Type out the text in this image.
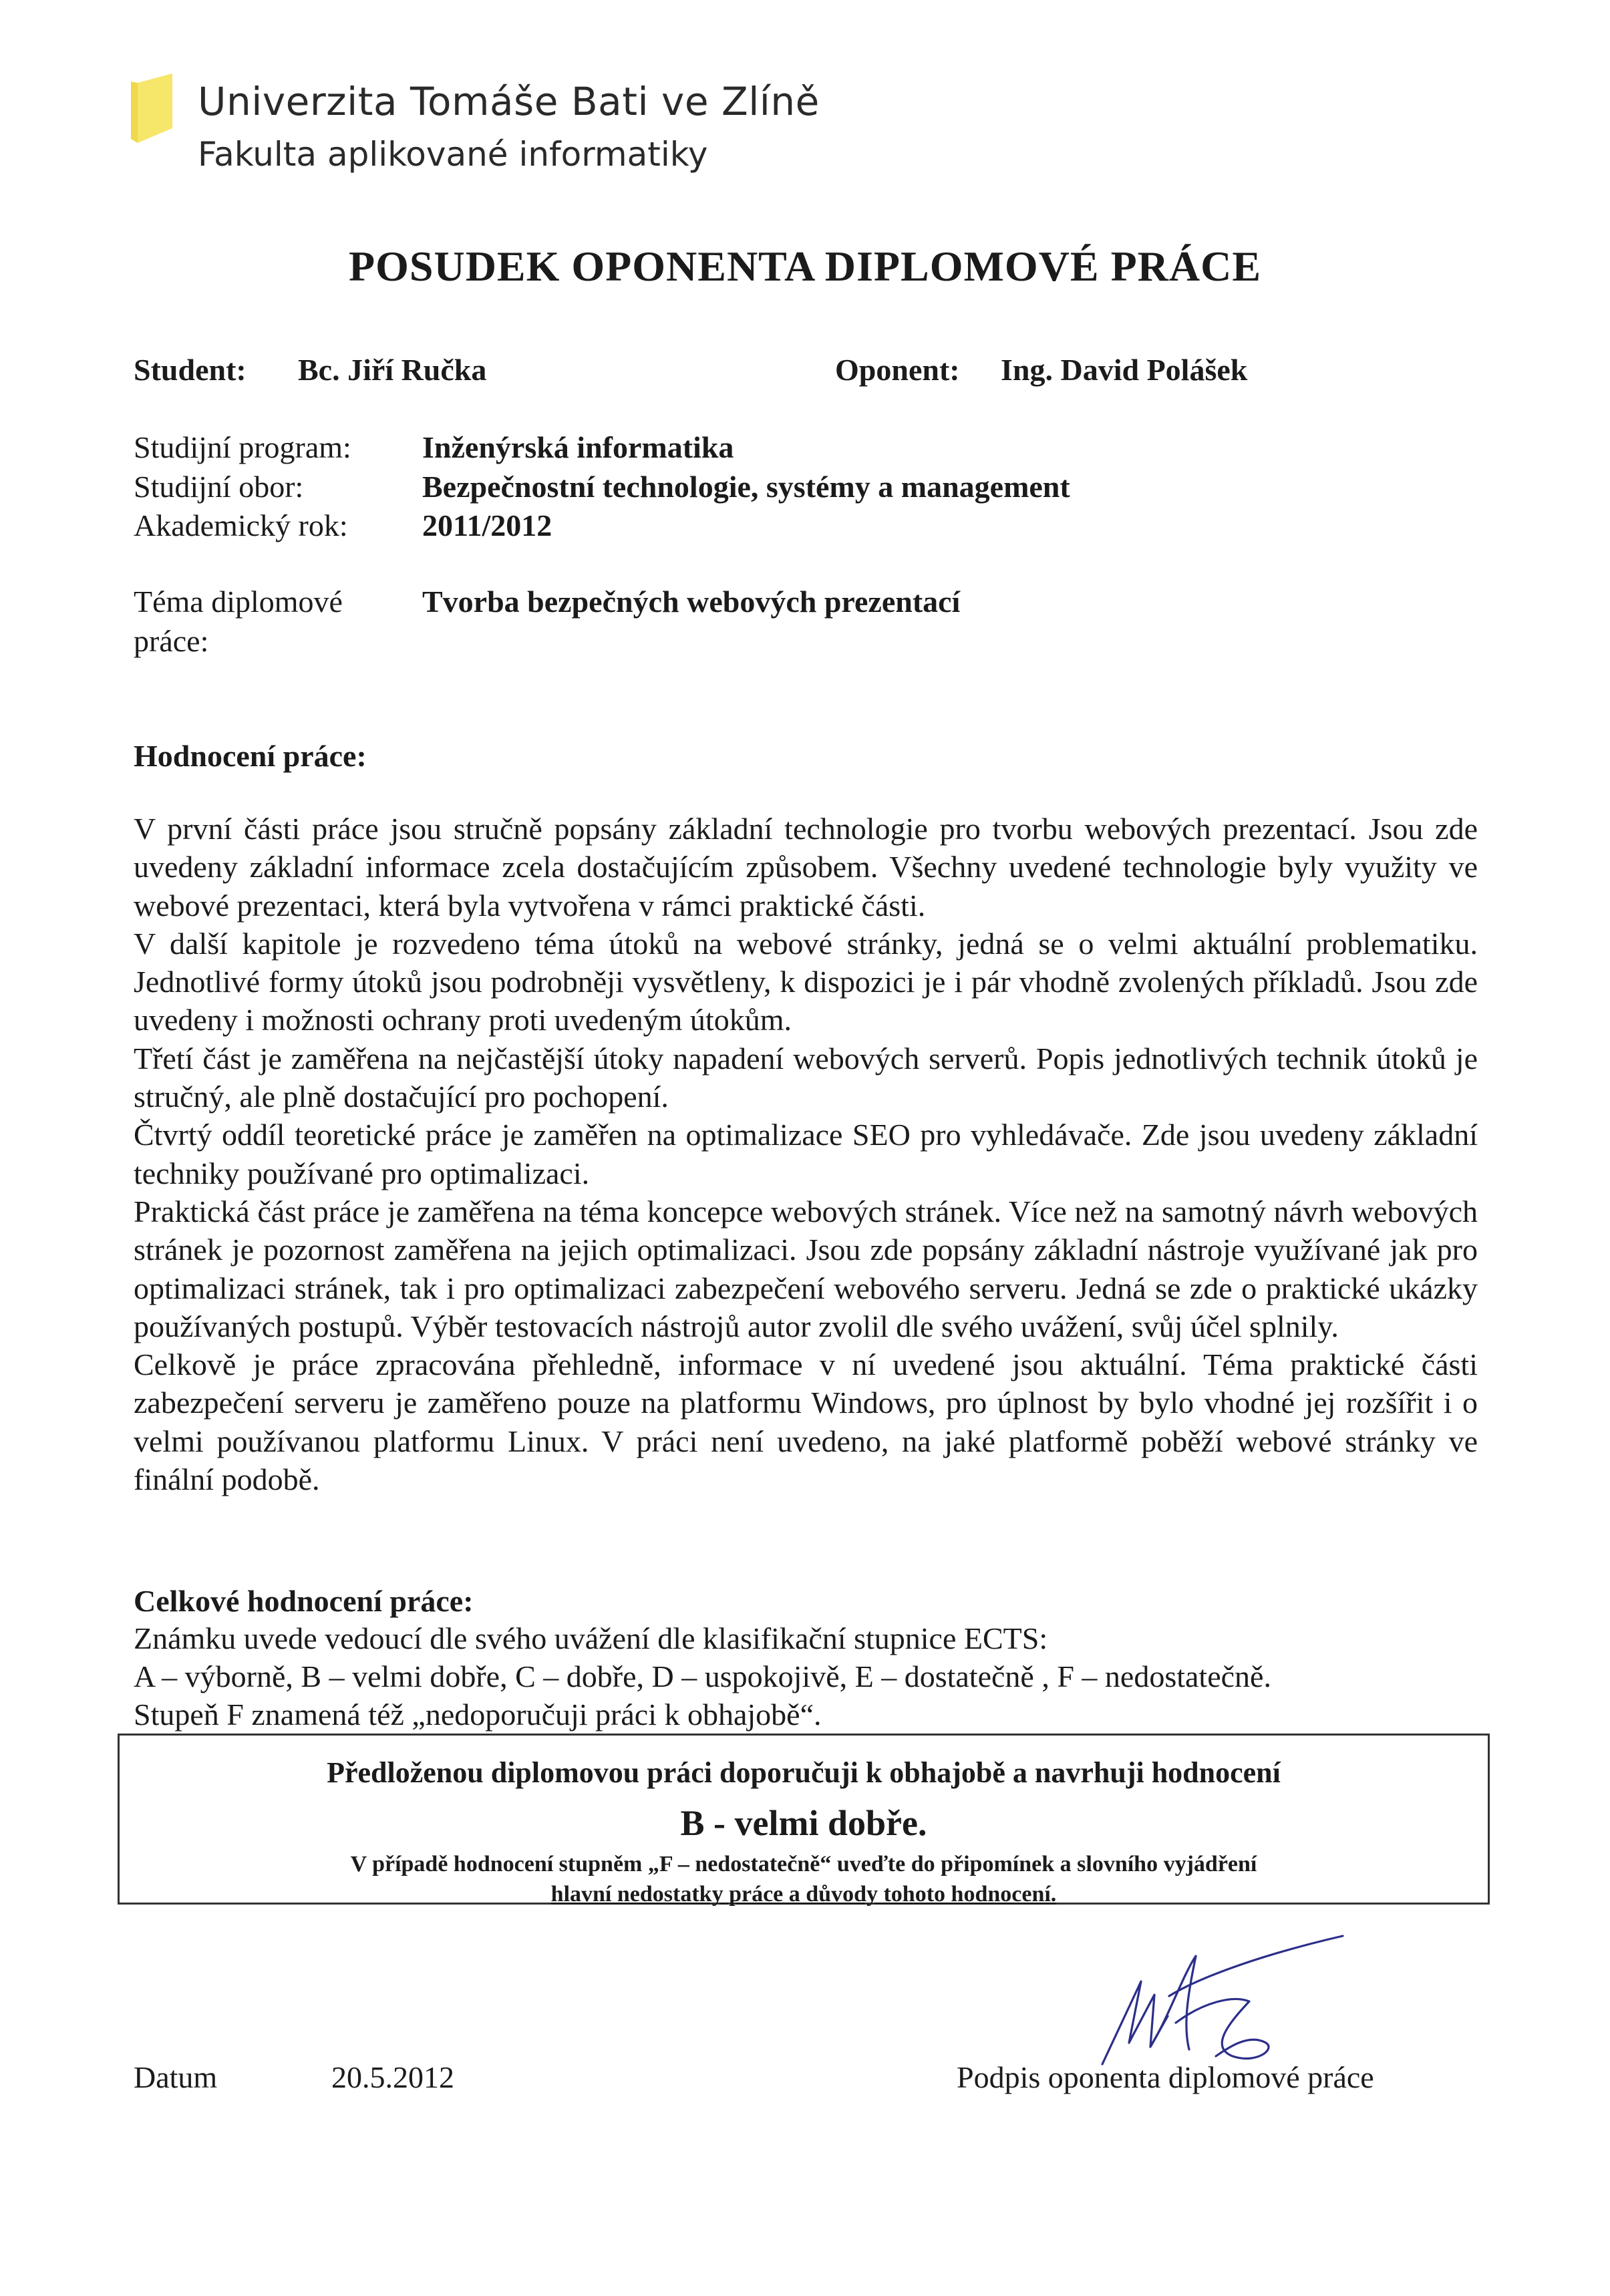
Univerzita Tomáše Bati ve Zlíně
Fakulta aplikované informatiky
POSUDEK OPONENTA DIPLOMOVÉ PRÁCE
Student: Bc. Jiří Ručka	Oponent: Ing. David Polášek
Studijní program: Inženýrská informatika
Studijní obor:	Bezpečnostní technologie, systémy a management
Akademický rok: 2011/2012
Téma diplomové
práce:
Tvorba bezpečných webových prezentací
Hodnocení práce:

V první části práce jsou stručně popsány základní technologie pro tvorbu webových prezentací. Jsou zde uvedeny základní informace zcela dostačujícím způsobem. Všechny uvedené technologie byly využity ve webové prezentaci, která byla vytvořena v rámci praktické části.

V další kapitole je rozvedeno téma útoků na webové stránky, jedná se o velmi aktuální problematiku. Jednotlivé formy útoků jsou podrobněji vysvětleny, k dispozici je i pár vhodně zvolených příkladů. Jsou zde uvedeny i možnosti ochrany proti uvedeným útokům.

Třetí část je zaměřena na nejčastější útoky napadení webových serverů. Popis jednotlivých technik útoků je stručný, ale plně dostačující pro pochopení.

Čtvrtý oddíl teoretické práce je zaměřen na optimalizace SEO pro vyhledávače. Zde jsou uvedeny základní techniky používané pro optimalizaci.

Praktická část práce je zaměřena na téma koncepce webových stránek. Více než na samotný návrh webových stránek je pozornost zaměřena na jejich optimalizaci. Jsou zde popsány základní nástroje využívané jak pro optimalizaci stránek, tak i pro optimalizaci zabezpečení webového serveru. Jedná se zde o praktické ukázky používaných postupů. Výběr testovacích nástrojů autor zvolil dle svého uvážení, svůj účel splnily.

Celkově je práce zpracována přehledně, informace v ní uvedené jsou aktuální. Téma praktické části zabezpečení serveru je zaměřeno pouze na platformu Windows, pro úplnost by bylo vhodné jej rozšířit i o velmi používanou platformu Linux. V práci není uvedeno, na jaké platformě poběží webové stránky ve finální podobě.

Celkové hodnocení práce:
Známku uvede vedoucí dle svého uvážení dle klasifikační stupnice ECTS:
A – výborně, B – velmi dobře, C – dobře, D – uspokojivě, E – dostatečně , F – nedostatečně.
Stupeň F znamená též „nedoporučuji práci k obhajobě“.
Předloženou diplomovou práci doporučuji k obhajobě a navrhuji hodnocení
B - velmi dobře.
V případě hodnocení stupněm „F – nedostatečně“ uveďte do připomínek a slovního vyjádření
hlavní nedostatky práce a důvody tohoto hodnocení.
Datum	20.5.2012	Podpis oponenta diplomové práce
